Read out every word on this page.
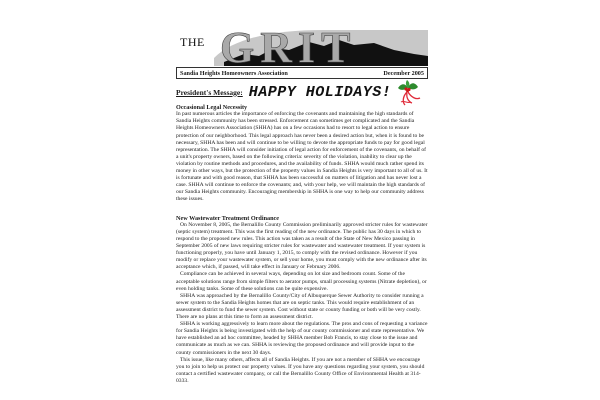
THE GRIT
Sandia Heights Homeowners Association	December 2005
President's Message: HAPPY HOLIDAYS!
Occasional Legal Necessity

In past numerous articles the importance of enforcing the covenants and maintaining the high standards of Sandia Heights community has been stressed. Enforcement can sometimes get complicated and the Sandia Heights Homeowners Association (SHHA) has on a few occasions had to resort to legal action to ensure protection of our neighborhood. This legal approach has never been a desired action but, when it is found to be necessary, SHHA has been and will continue to be willing to devote the appropriate funds to pay for good legal representation. The SHHA will consider initiation of legal action for enforcement of the covenants, on behalf of a unit's property owners, based on the following criteria: severity of the violation, inability to clear up the violation by routine methods and procedures, and the availability of funds. SHHA would much rather spend its money in other ways, but the protection of the property values in Sandia Heights is very important to all of us. It is fortunate and with good reason, that SHHA has been successful on matters of litigation and has never lost a case. SHHA will continue to enforce the covenants; and, with your help, we will maintain the high standards of our Sandia Heights community. Encouraging membership in SHHA is one way to help our community address these issues.

New Wastewater Treatment Ordinance

On November 8, 2005, the Bernalillo County Commission preliminarily approved stricter rules for wastewater (septic system) treatment. This was the first reading of the new ordinance. The public has 30 days in which to respond to the proposed new rules. This action was taken as a result of the State of New Mexico passing in September 2005 of new laws requiring stricter rules for wastewater and wastewater treatment. If your system is functioning properly, you have until January 1, 2015, to comply with the revised ordinance. However if you modify or replace your wastewater system, or sell your home, you must comply with the new ordinance after its acceptance which, if passed, will take effect in January or February 2006.

Compliance can be achieved in several ways, depending on lot size and bedroom count. Some of the acceptable solutions range from simple filters to aerator pumps, small processing systems (Nitrate depletion), or even holding tanks. Some of these solutions can be quite expensive.

SHHA was approached by the Bernalillo County/City of Albuquerque Sewer Authority to consider running a sewer system to the Sandia Heights homes that are on septic tanks. This would require establishment of an assessment district to fund the sewer system. Cost without state or county funding or both will be very costly. There are no plans at this time to form an assessment district.

SHHA is working aggressively to learn more about the regulations. The pros and cons of requesting a variance for Sandia Heights is being investigated with the help of our county commissioner and state representative. We have established an ad hoc committee, headed by SHHA member Bob Francis, to stay close to the issue and communicate as much as we can. SHHA is reviewing the proposed ordinance and will provide input to the county commissioners in the next 30 days.

This issue, like many others, affects all of Sandia Heights. If you are not a member of SHHA we encourage you to join to help us protect our property values. If you have any questions regarding your system, you should contact a certified wastewater company, or call the Bernalillo County Office of Environmental Health at 314-0333.
